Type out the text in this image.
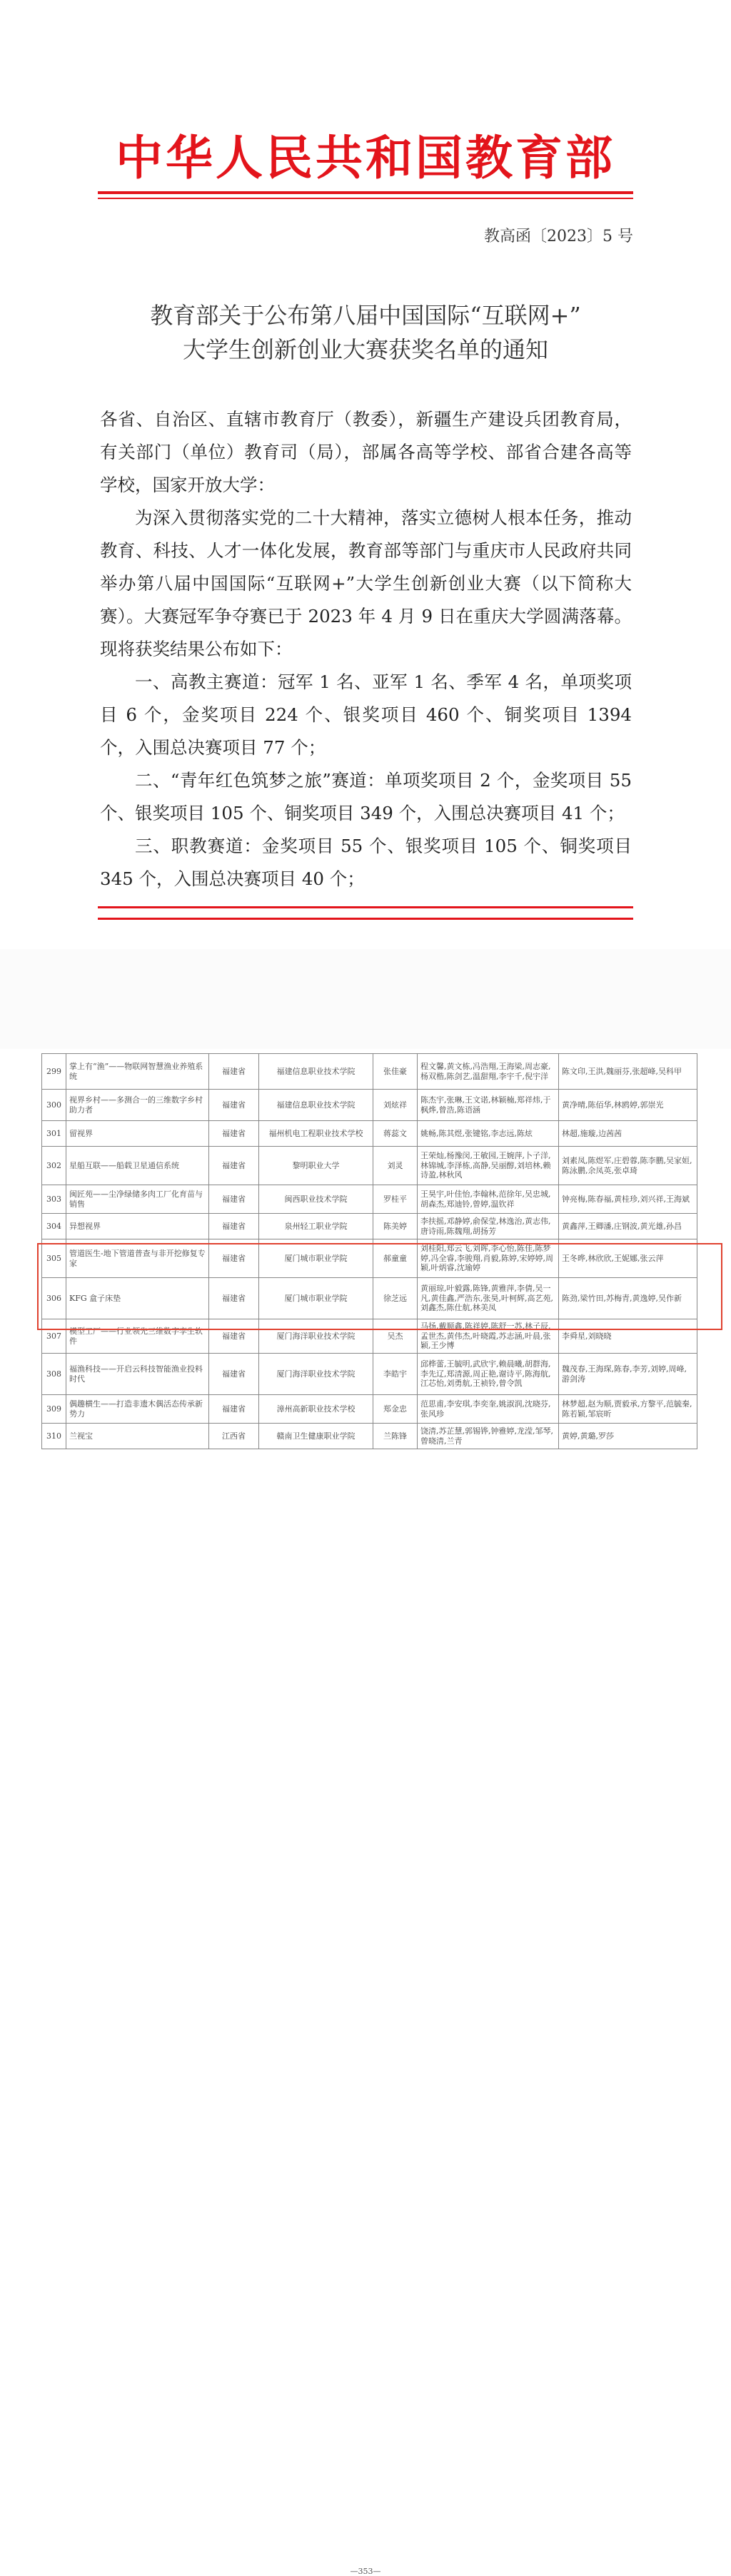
中华人民共和国教育部
教高函〔2023〕5 号
教育部关于公布第八届中国国际“互联网+”
大学生创新创业大赛获奖名单的通知

各省、自治区、直辖市教育厅（教委），新疆生产建设兵团教育局，有关部门（单位）教育司（局），部属各高等学校、部省合建各高等学校，国家开放大学：

为深入贯彻落实党的二十大精神，落实立德树人根本任务，推动教育、科技、人才一体化发展，教育部等部门与重庆市人民政府共同举办第八届中国国际“互联网+”大学生创新创业大赛（以下简称大赛）。大赛冠军争夺赛已于 2023 年 4 月 9 日在重庆大学圆满落幕。现将获奖结果公布如下：

一、高教主赛道：冠军 1 名、亚军 1 名、季军 4 名，单项奖项目 6 个，金奖项目 224 个、银奖项目 460 个、铜奖项目 1394 个，入围总决赛项目 77 个；

二、“青年红色筑梦之旅”赛道：单项奖项目 2 个，金奖项目 55 个、银奖项目 105 个、铜奖项目 349 个，入围总决赛项目 41 个；

三、职教赛道：金奖项目 55 个、银奖项目 105 个、铜奖项目 345 个，入围总决赛项目 40 个；

299	掌上有“渔”——物联网智慧渔业养殖系统	福建省	福建信息职业技术学院	张佳豪	程文馨,黄文栋,冯浩翔,王海梁,周志豪,杨双楷,陈剑艺,温甜翔,李宇千,倪宇洋	陈文印,王洪,魏丽芬,张超峰,吴科甲
300	视界乡村——多测合一的三维数字乡村助力者	福建省	福建信息职业技术学院	刘炫祥	陈杰宇,张琳,王文诺,林颖楠,郑祥炜,于枫烨,曾浩,陈语涵	黄净晴,陈佰华,林鸥婷,郭崇光
301	留视界	福建省	福州机电工程职业技术学校	蒋蕊文	姚畅,陈其煜,张键铭,李志远,陈炫	林超,施璇,边茜茜
302	星船互联——船载卫星通信系统	福建省	黎明职业大学	刘灵	王荣灿,杨豫闵,王敏园,王婉萍,卜子洋,林锦城,李泽栋,高静,吴丽醇,刘培林,赖诗盈,林秋风	刘素凤,陈煜军,庄碧蓉,陈李鹏,吴家姮,陈泳鹏,余凤英,张卓琦
303	闽匠苑——尘净绿储多肉工厂化育苗与销售	福建省	闽西职业技术学院	罗桂平	王昊宇,叶佳怡,李翰林,范徐年,吴忠城,胡森杰,郑迪铃,曾婷,温钦祥	钟亮梅,陈春福,黄桂珍,刘兴祥,王海斌
304	异想视界	福建省	泉州轻工职业学院	陈美婷	李扶摇,邓静婷,俞保莹,林逸治,黄志伟,唐诗雨,陈魏翔,胡扬芳	黄鑫萍,王卿潘,庄钢波,黄光雄,孙昌
305	管道医生-地下管道普查与非开挖修复专家	福建省	厦门城市职业学院	郝童童	刘桂阳,郑云飞,刘晖,李心怡,陈佳,陈梦婷,冯全睿,李骏翔,肖毅,陈婷,宋婷婷,周颖,叶炳睿,沈瑜婷	王冬晔,林欣欣,王妮娜,张云萍
306	KFG 盒子床垫	福建省	厦门城市职业学院	徐芝远	黄丽琼,叶毅露,陈锋,黄雅萍,李倩,吴一凡,黄佳鑫,严浩东,张昊,叶柯辉,高艺苑,刘鑫杰,陈仕航,林美凤	陈劲,梁竹田,苏梅青,黄逸婷,吴作新
307	模型工厂——行业领先三维数字孪生软件	福建省	厦门海洋职业技术学院	吴杰	马扬,戴顺鑫,陈祥婷,陈舒一苏,林子辰,孟世杰,黄伟杰,叶晓霞,苏志涵,叶晨,张颖,王少博	李舜星,刘晓晓
308	福渔科技——开启云科技智能渔业投料时代	福建省	厦门海洋职业技术学院	李皓宇	邱桦蕾,王毓明,武欣宇,赖晨曦,胡群海,李先辽,郑清源,周正艳,谢诗平,陈海航,江芯怡,刘勇航,王祯铃,曾令凯	魏茂春,王海琛,陈春,李芳,刘婷,周峰,游剑涛
309	偶趣横生——打造非遗木偶活态传承新势力	福建省	漳州高新职业技术学校	郑金忠	范思甫,李安琪,李奕奎,姚淑润,沈晓芬,张风珍	林梦超,赵为顺,贾毅承,方黎平,范毓秦,陈若颖,邹宸昕
310	兰视宝	江西省	赣南卫生健康职业学院	兰陈锋	饶清,苏芷慧,郭锡铧,钟雅婷,龙滢,邹琴,曾晓清,兰青	黄婷,黄璐,罗莎
—353—
